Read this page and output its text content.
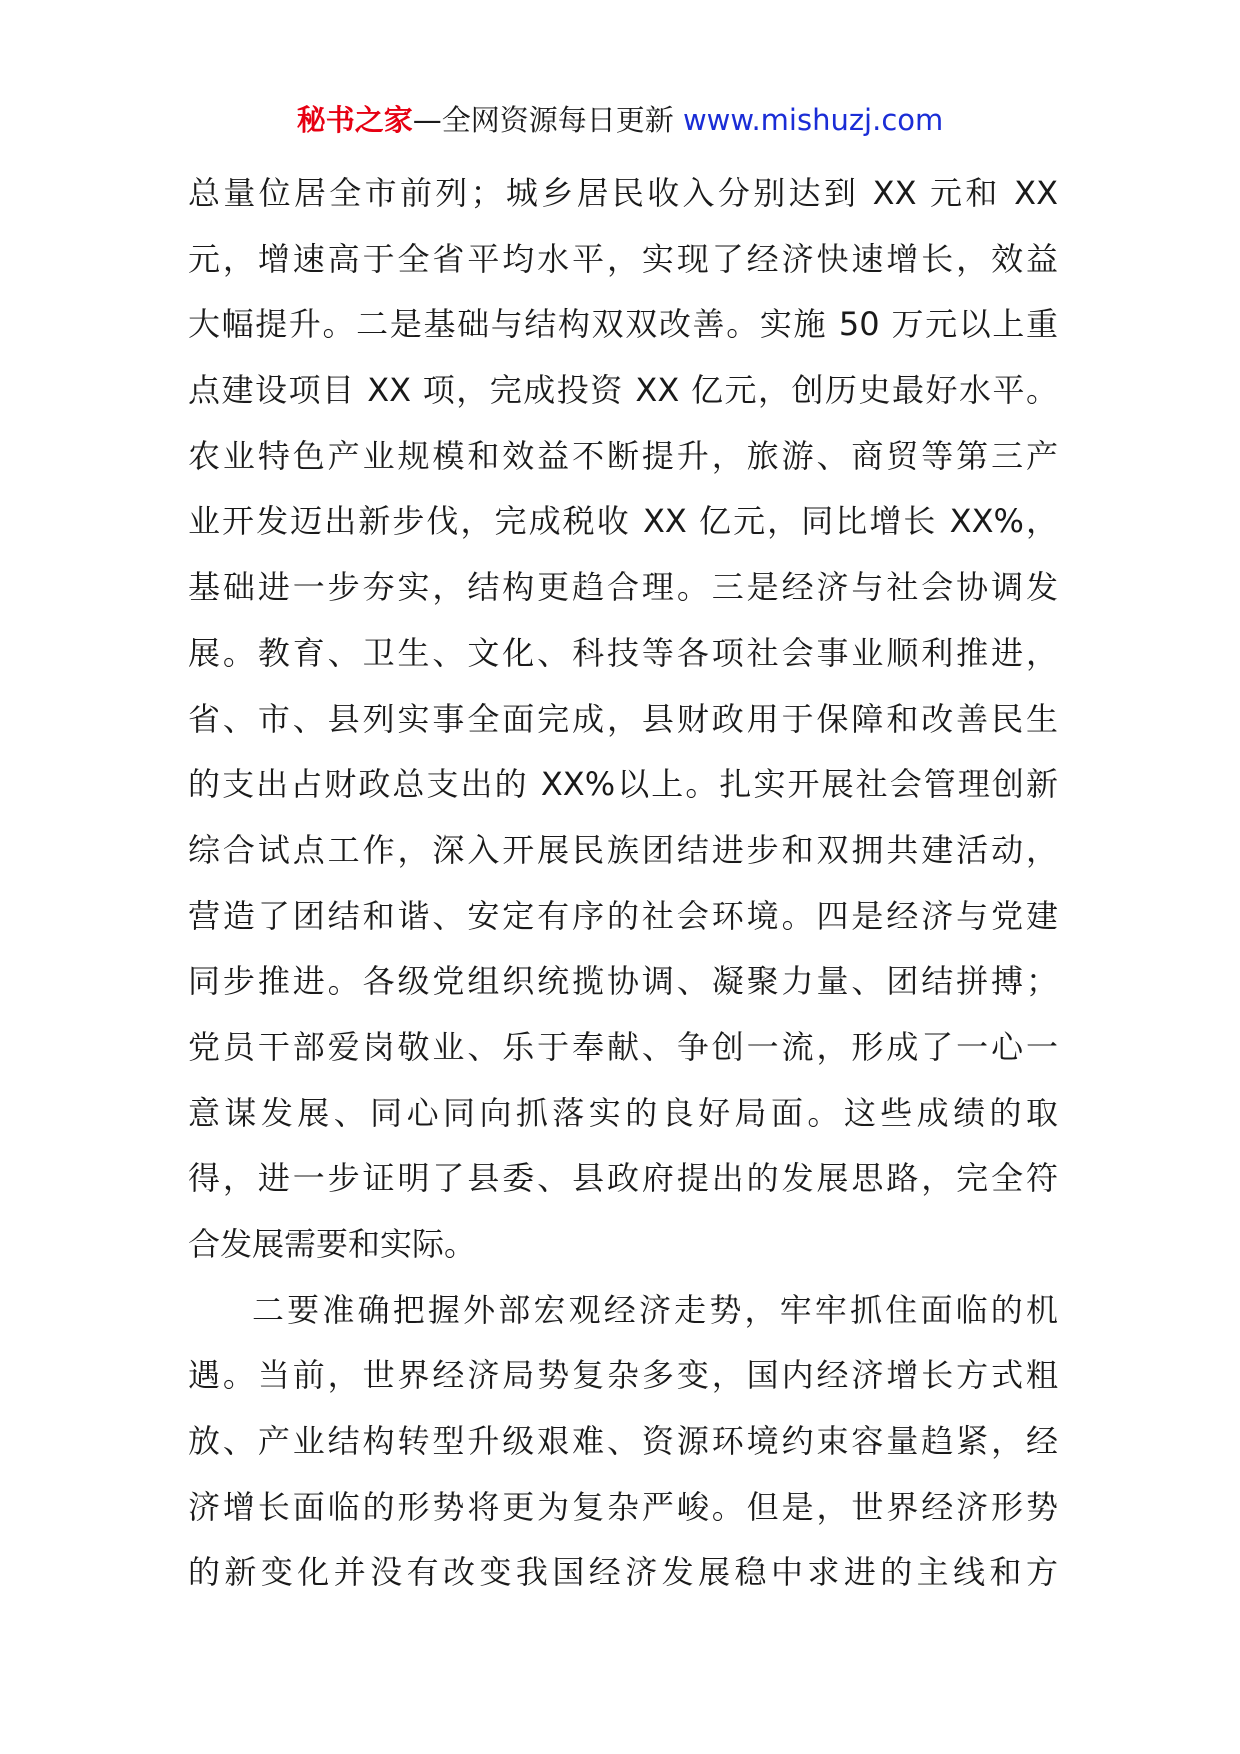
秘书之家—全网资源每日更新 www.mishuzj.com
总量位居全市前列；城乡居民收入分别达到 XX 元和 XX
元，增速高于全省平均水平，实现了经济快速增长，效益
大幅提升。二是基础与结构双双改善。实施 50 万元以上重
点建设项目 XX 项，完成投资 XX 亿元，创历史最好水平。
农业特色产业规模和效益不断提升，旅游、商贸等第三产
业开发迈出新步伐，完成税收 XX 亿元，同比增长 XX%，
基础进一步夯实，结构更趋合理。三是经济与社会协调发
展。教育、卫生、文化、科技等各项社会事业顺利推进，
省、市、县列实事全面完成，县财政用于保障和改善民生
的支出占财政总支出的 XX%以上。扎实开展社会管理创新
综合试点工作，深入开展民族团结进步和双拥共建活动，
营造了团结和谐、安定有序的社会环境。四是经济与党建
同步推进。各级党组织统揽协调、凝聚力量、团结拼搏；
党员干部爱岗敬业、乐于奉献、争创一流，形成了一心一
意谋发展、同心同向抓落实的良好局面。这些成绩的取
得，进一步证明了县委、县政府提出的发展思路，完全符
合发展需要和实际。
二要准确把握外部宏观经济走势，牢牢抓住面临的机
遇。当前，世界经济局势复杂多变，国内经济增长方式粗
放、产业结构转型升级艰难、资源环境约束容量趋紧，经
济增长面临的形势将更为复杂严峻。但是，世界经济形势
的新变化并没有改变我国经济发展稳中求进的主线和方
